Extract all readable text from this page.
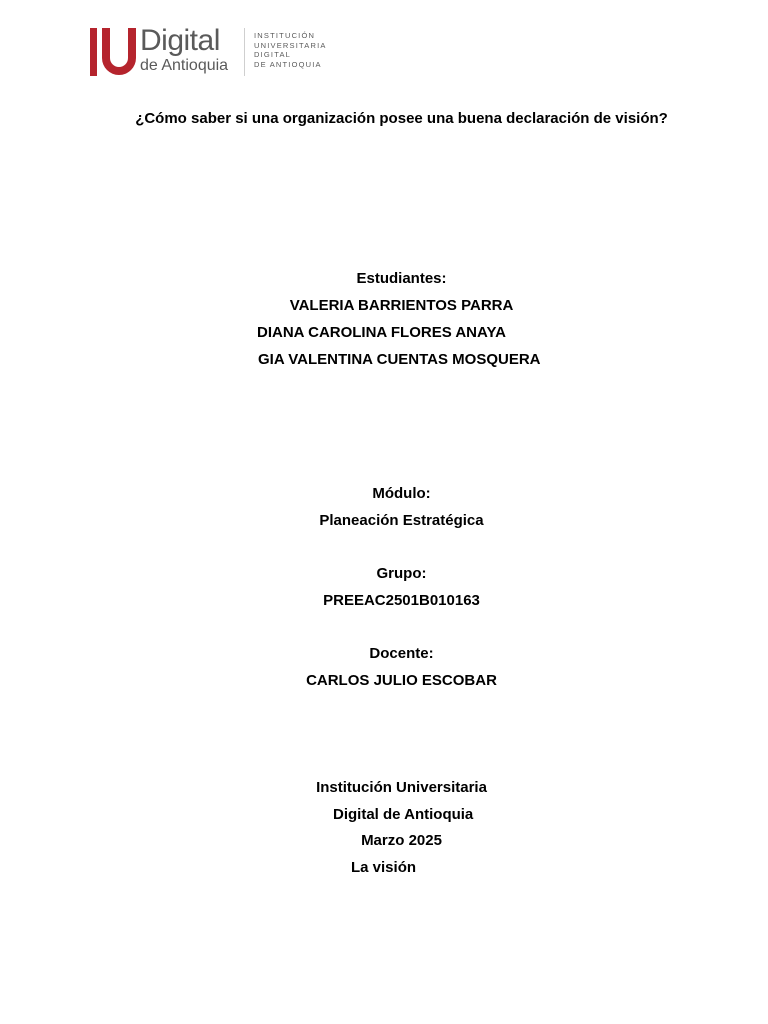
Digital
de Antioquia
INSTITUCIÓN
UNIVERSITARIA
DIGITAL
DE ANTIOQUIA
¿Cómo saber si una organización posee una buena declaración de visión?
Estudiantes:
VALERIA BARRIENTOS PARRA
DIANA CAROLINA FLORES ANAYA
GIA VALENTINA CUENTAS MOSQUERA
Módulo:
Planeación Estratégica
Grupo:
PREEAC2501B010163
Docente:
CARLOS JULIO ESCOBAR
Institución Universitaria
Digital de Antioquia
Marzo 2025
La visión
